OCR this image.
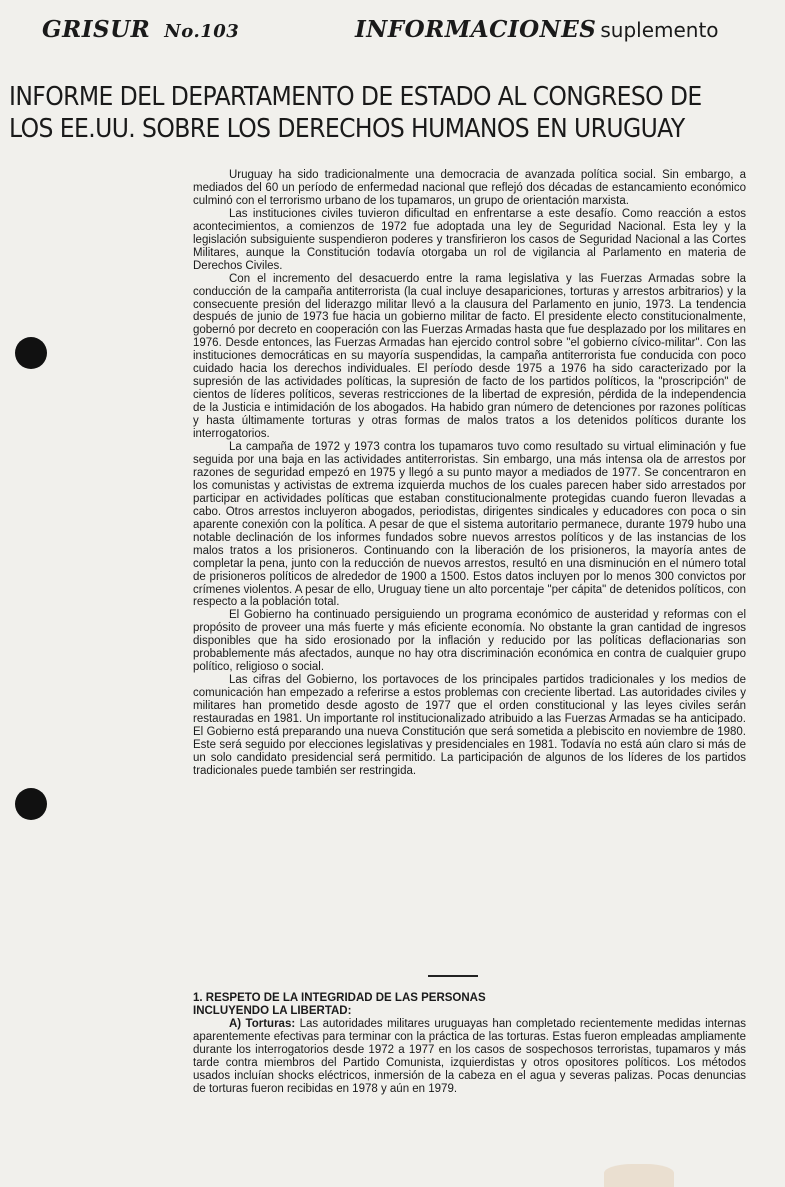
GRISUR No.103	INFORMACIONES suplemento
INFORME DEL DEPARTAMENTO DE ESTADO AL CONGRESO DE
LOS EE.UU. SOBRE LOS DERECHOS HUMANOS EN URUGUAY

Uruguay ha sido tradicionalmente una democracia de avanzada política social. Sin embargo, a mediados del 60 un período de enfermedad nacional que reflejó dos décadas de estancamiento económico culminó con el terrorismo urbano de los tupamaros, un grupo de orientación marxista.

Las instituciones civiles tuvieron dificultad en enfrentarse a este desafío. Como reacción a estos acontecimientos, a comienzos de 1972 fue adoptada una ley de Seguridad Nacional. Esta ley y la legislación subsiguiente suspendieron poderes y transfirieron los casos de Seguridad Nacional a las Cortes Militares, aunque la Constitución todavía otorgaba un rol de vigilancia al Parlamento en materia de Derechos Civiles.

Con el incremento del desacuerdo entre la rama legislativa y las Fuerzas Armadas sobre la conducción de la campaña antiterrorista (la cual incluye desapariciones, torturas y arrestos arbitrarios) y la consecuente presión del liderazgo militar llevó a la clausura del Parlamento en junio, 1973. La tendencia después de junio de 1973 fue hacia un gobierno militar de facto. El presidente electo constitucionalmente, gobernó por decreto en cooperación con las Fuerzas Armadas hasta que fue desplazado por los militares en 1976. Desde entonces, las Fuerzas Armadas han ejercido control sobre "el gobierno cívico-militar". Con las instituciones democráticas en su mayoría suspendidas, la campaña antiterrorista fue conducida con poco cuidado hacia los derechos individuales. El período desde 1975 a 1976 ha sido caracterizado por la supresión de las actividades políticas, la supresión de facto de los partidos políticos, la "proscripción" de cientos de líderes políticos, severas restricciones de la libertad de expresión, pérdida de la independencia de la Justicia e intimidación de los abogados. Ha habido gran número de detenciones por razones políticas y hasta últimamente torturas y otras formas de malos tratos a los detenidos políticos durante los interrogatorios.

La campaña de 1972 y 1973 contra los tupamaros tuvo como resultado su virtual eliminación y fue seguida por una baja en las actividades antiterroristas. Sin embargo, una más intensa ola de arrestos por razones de seguridad empezó en 1975 y llegó a su punto mayor a mediados de 1977. Se concentraron en los comunistas y activistas de extrema izquierda muchos de los cuales parecen haber sido arrestados por participar en actividades políticas que estaban constitucionalmente protegidas cuando fueron llevadas a cabo. Otros arrestos incluyeron abogados, periodistas, dirigentes sindicales y educadores con poca o sin aparente conexión con la política. A pesar de que el sistema autoritario permanece, durante 1979 hubo una notable declinación de los informes fundados sobre nuevos arrestos políticos y de las instancias de los malos tratos a los prisioneros. Continuando con la liberación de los prisioneros, la mayoría antes de completar la pena, junto con la reducción de nuevos arrestos, resultó en una disminución en el número total de prisioneros políticos de alrededor de 1900 a 1500. Estos datos incluyen por lo menos 300 convictos por crímenes violentos. A pesar de ello, Uruguay tiene un alto porcentaje "per cápita" de detenidos políticos, con respecto a la población total.

El Gobierno ha continuado persiguiendo un programa económico de austeridad y reformas con el propósito de proveer una más fuerte y más eficiente economía. No obstante la gran cantidad de ingresos disponibles que ha sido erosionado por la inflación y reducido por las políticas deflacionarias son probablemente más afectados, aunque no hay otra discriminación económica en contra de cualquier grupo político, religioso o social.

Las cifras del Gobierno, los portavoces de los principales partidos tradicionales y los medios de comunicación han empezado a referirse a estos problemas con creciente libertad. Las autoridades civiles y militares han prometido desde agosto de 1977 que el orden constitucional y las leyes civiles serán restauradas en 1981. Un importante rol institucionalizado atribuido a las Fuerzas Armadas se ha anticipado. El Gobierno está preparando una nueva Constitución que será sometida a plebiscito en noviembre de 1980. Este será seguido por elecciones legislativas y presidenciales en 1981. Todavía no está aún claro si más de un solo candidato presidencial será permitido. La participación de algunos de los líderes de los partidos tradicionales puede también ser restringida.

1. RESPETO DE LA INTEGRIDAD DE LAS PERSONAS
INCLUYENDO LA LIBERTAD:

A) Torturas: Las autoridades militares uruguayas han completado recientemente medidas internas aparentemente efectivas para terminar con la práctica de las torturas. Estas fueron empleadas ampliamente durante los interrogatorios desde 1972 a 1977 en los casos de sospechosos terroristas, tupamaros y más tarde contra miembros del Partido Comunista, izquierdistas y otros opositores políticos. Los métodos usados incluían shocks eléctricos, inmersión de la cabeza en el agua y severas palizas. Pocas denuncias de torturas fueron recibidas en 1978 y aún en 1979.
